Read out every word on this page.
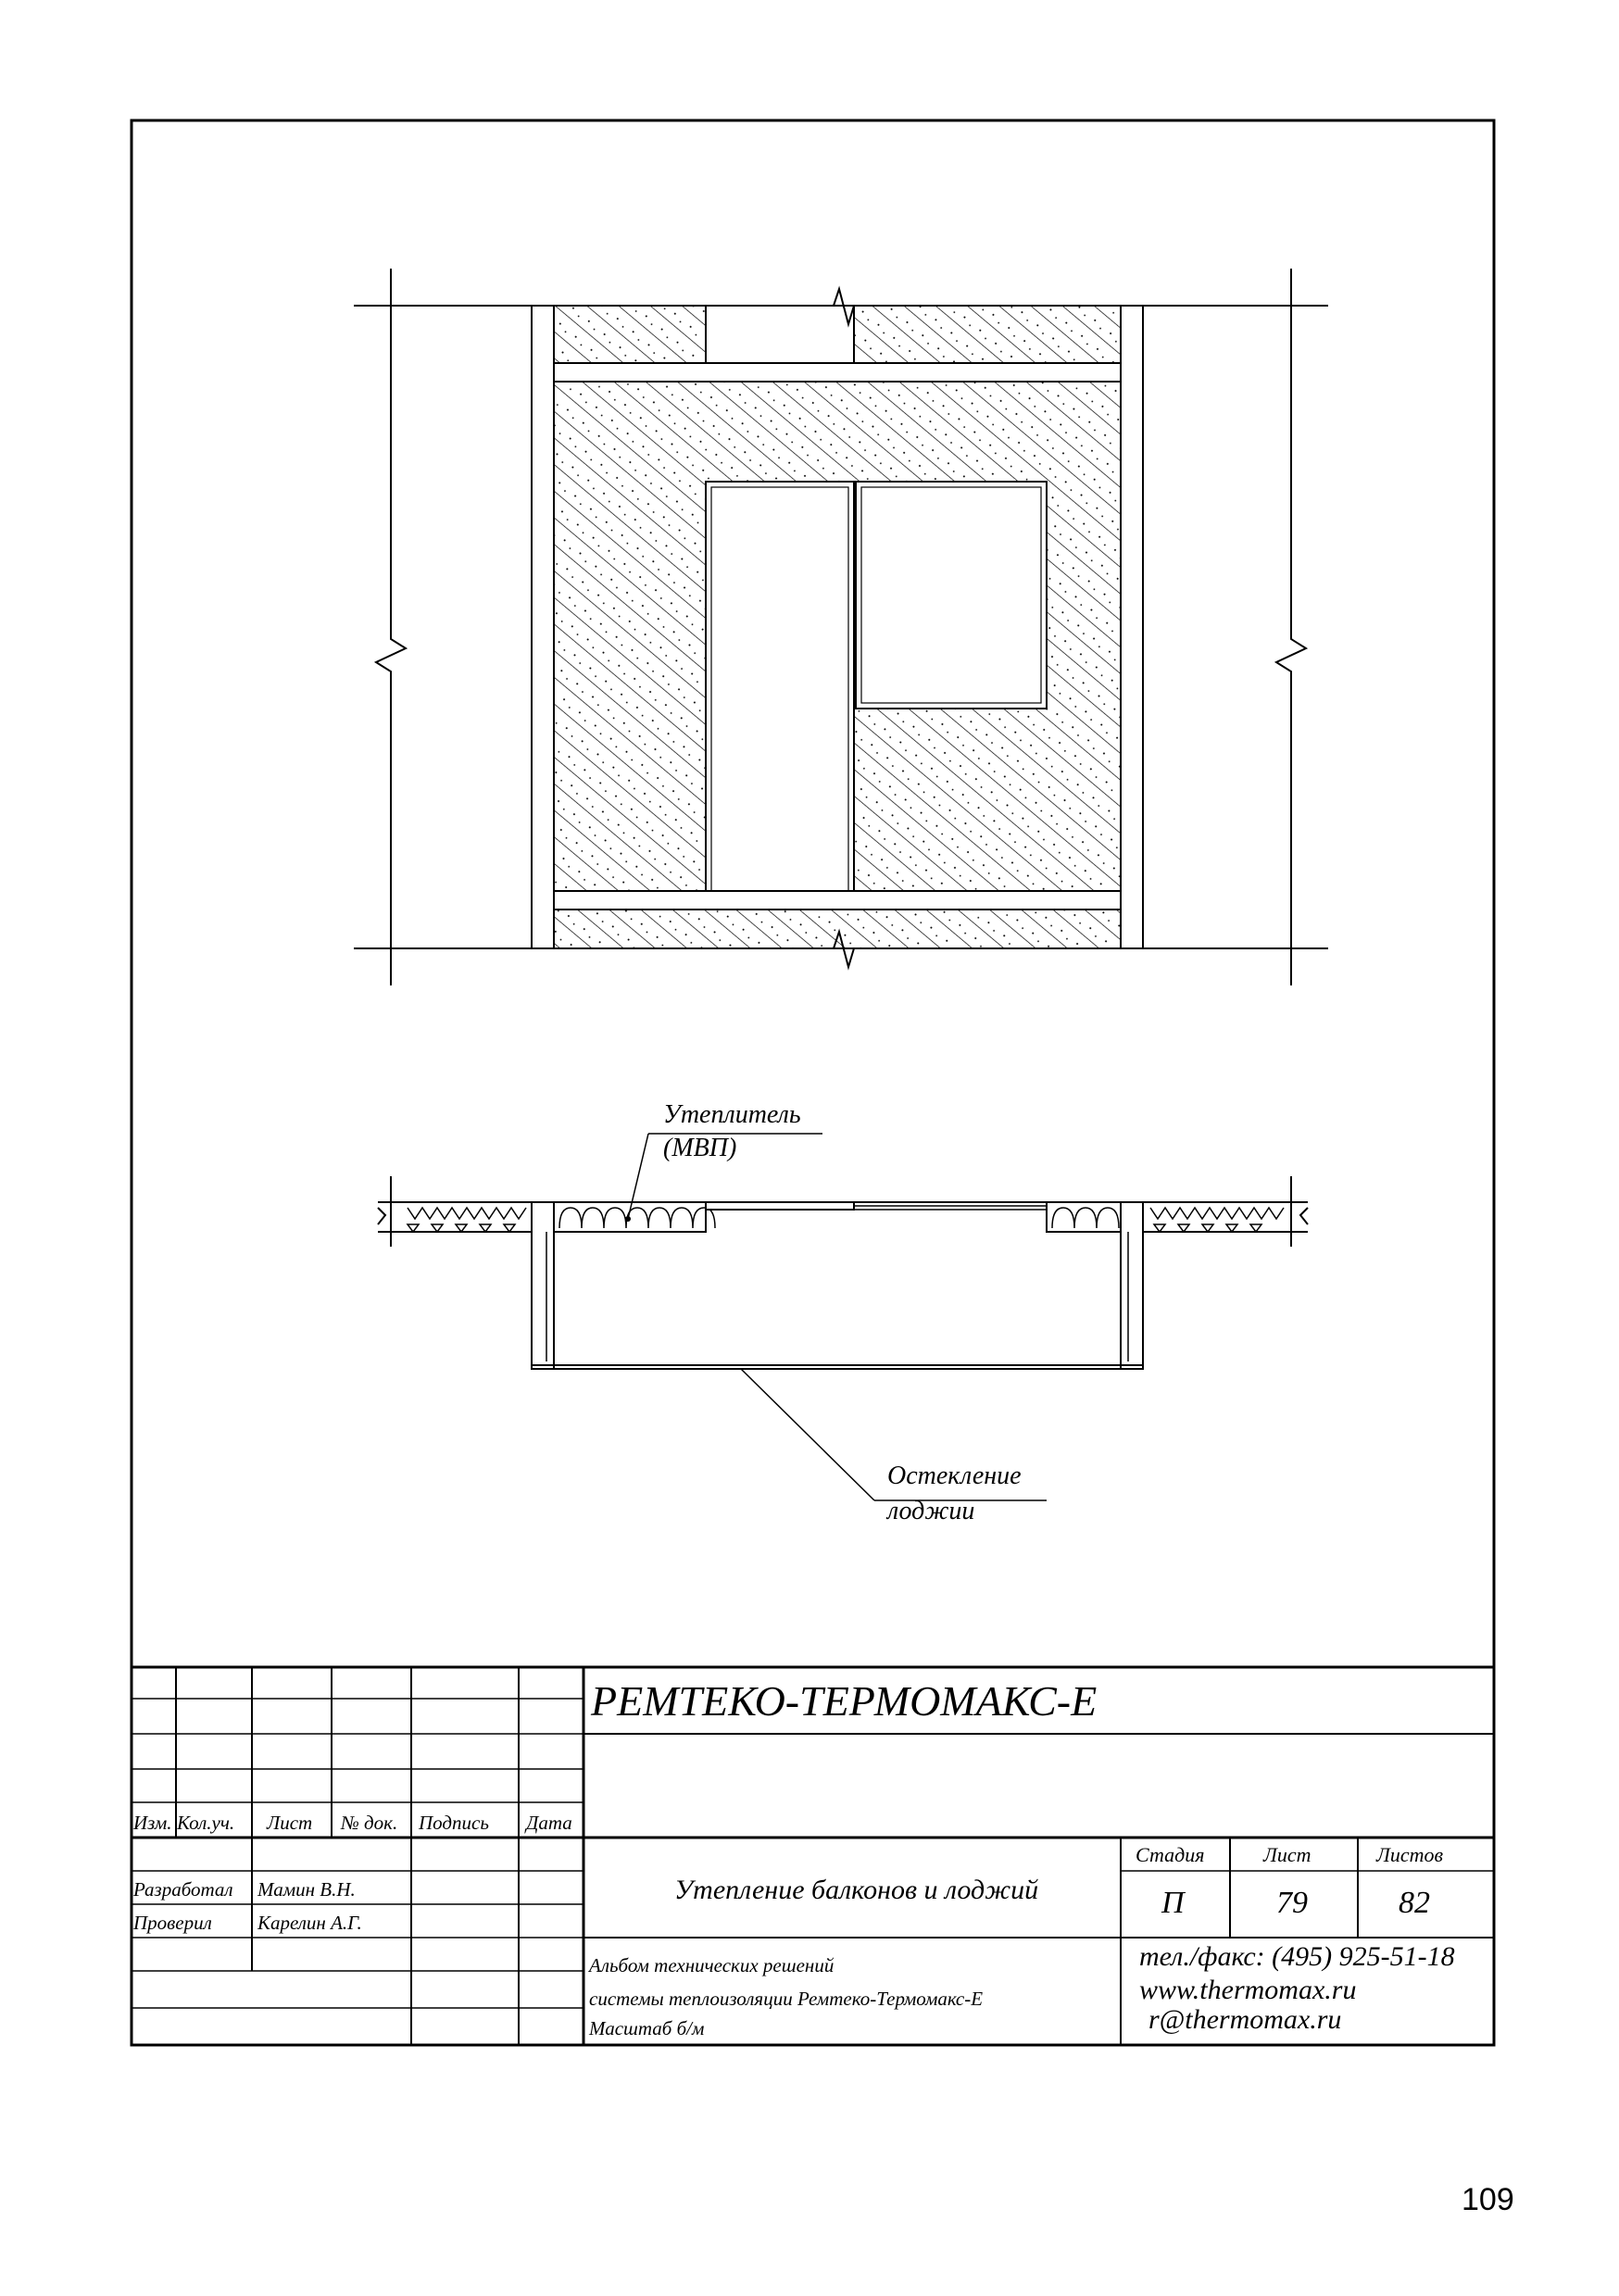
Утеплитель
(МВП)
Остекление
лоджии
РЕМТЕКО-ТЕРМОМАКС-Е
Изм. Кол.уч. Лист № док. Подпись Дата
Разработал Мамин В.Н.
Проверил Карелин А.Г.
Утепление балконов и лоджий
Стадия	Лист	Листов
П	79	82
Альбом технических решений
системы теплоизоляции Ремтеко-Термомакс-Е
Масштаб б/м
тел./факс: (495) 925-51-18
www.thermomax.ru
r@thermomax.ru
109
